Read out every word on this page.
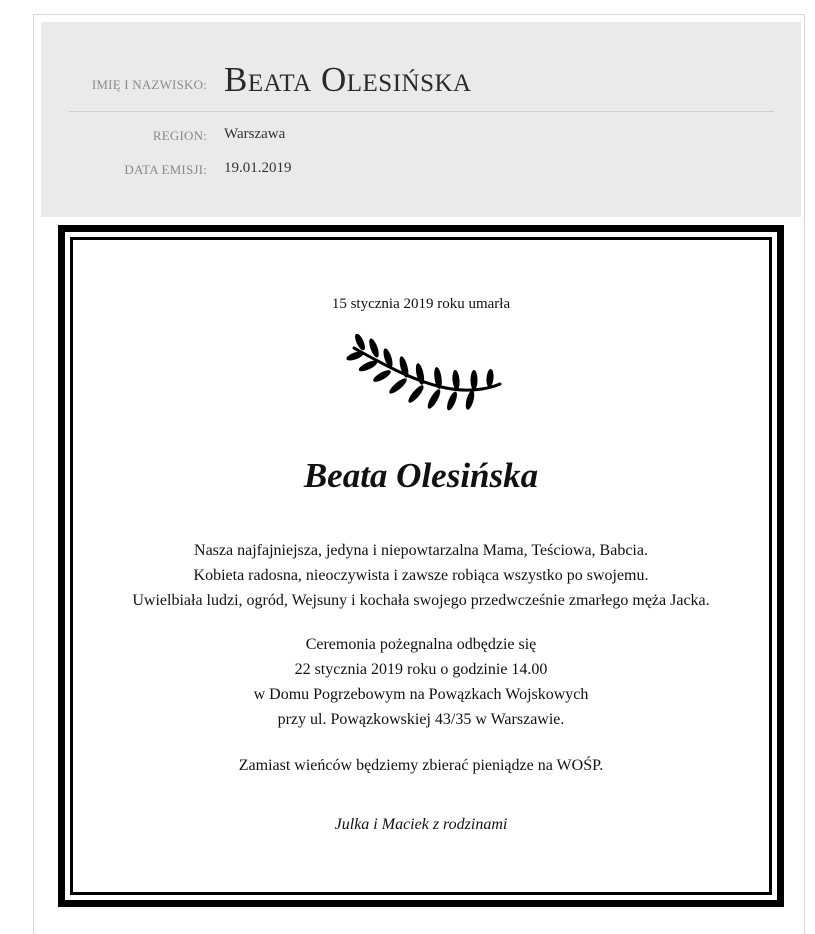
IMIĘ I NAZWISKO: Beata Olesińska
REGION: Warszawa
DATA EMISJI: 19.01.2019
15 stycznia 2019 roku umarła
Beata Olesińska
Nasza najfajniejsza, jedyna i niepowtarzalna Mama, Teściowa, Babcia.
Kobieta radosna, nieoczywista i zawsze robiąca wszystko po swojemu.
Uwielbiała ludzi, ogród, Wejsuny i kochała swojego przedwcześnie zmarłego męża Jacka.
Ceremonia pożegnalna odbędzie się
22 stycznia 2019 roku o godzinie 14.00
w Domu Pogrzebowym na Powązkach Wojskowych
przy ul. Powązkowskiej 43/35 w Warszawie.
Zamiast wieńców będziemy zbierać pieniądze na WOŚP.
Julka i Maciek z rodzinami
